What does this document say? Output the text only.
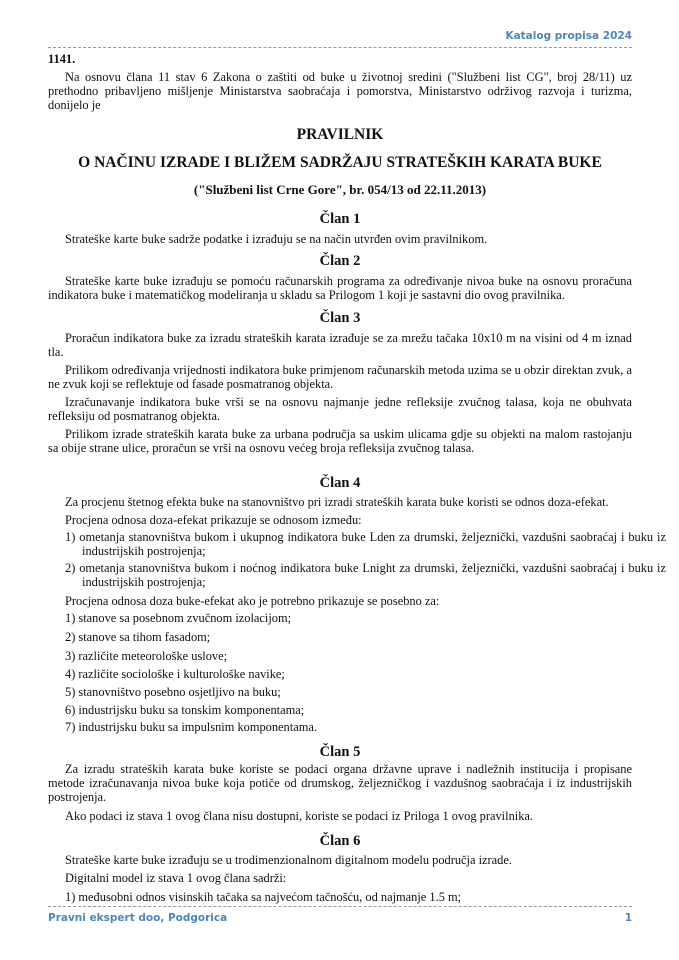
Katalog propisa 2024
1141.
Na osnovu člana 11 stav 6 Zakona o zaštiti od buke u životnoj sredini ("Službeni list CG", broj 28/11) uz prethodno pribavljeno mišljenje Ministarstva saobraćaja i pomorstva, Ministarstvo održivog razvoja i turizma, donijelo je
PRAVILNIK
O NAČINU IZRADE I BLIŽEM SADRŽAJU STRATEŠKIH KARATA BUKE
("Službeni list Crne Gore", br. 054/13 od 22.11.2013)
Član 1
Strateške karte buke sadrže podatke i izrađuju se na način utvrđen ovim pravilnikom.
Član 2
Strateške karte buke izrađuju se pomoću računarskih programa za određivanje nivoa buke na osnovu proračuna indikatora buke i matematičkog modeliranja u skladu sa Prilogom 1 koji je sastavni dio ovog pravilnika.
Član 3
Proračun indikatora buke za izradu strateških karata izrađuje se za mrežu tačaka 10x10 m na visini od 4 m iznad tla.
Prilikom određivanja vrijednosti indikatora buke primjenom računarskih metoda uzima se u obzir direktan zvuk, a ne zvuk koji se reflektuje od fasade posmatranog objekta.
Izračunavanje indikatora buke vrši se na osnovu najmanje jedne refleksije zvučnog talasa, koja ne obuhvata refleksiju od posmatranog objekta.
Prilikom izrade strateških karata buke za urbana područja sa uskim ulicama gdje su objekti na malom rastojanju sa obije strane ulice, proračun se vrši na osnovu većeg broja refleksija zvučnog talasa.
Član 4
Za procjenu štetnog efekta buke na stanovništvo pri izradi strateških karata buke koristi se odnos doza-efekat.
Procjena odnosa doza-efekat prikazuje se odnosom između:
1) ometanja stanovništva bukom i ukupnog indikatora buke Lden za drumski, željeznički, vazdušni saobraćaj i buku iz industrijskih postrojenja;
2) ometanja stanovništva bukom i noćnog indikatora buke Lnight za drumski, željeznički, vazdušni saobraćaj i buku iz industrijskih postrojenja;
Procjena odnosa doza buke-efekat ako je potrebno prikazuje se posebno za:
1) stanove sa posebnom zvučnom izolacijom;
2) stanove sa tihom fasadom;
3) različite meteorološke uslove;
4) različite sociološke i kulturološke navike;
5) stanovništvo posebno osjetljivo na buku;
6) industrijsku buku sa tonskim komponentama;
7) industrijsku buku sa impulsnim komponentama.
Član 5
Za izradu strateških karata buke koriste se podaci organa državne uprave i nadležnih institucija i propisane metode izračunavanja nivoa buke koja potiče od drumskog, željezničkog i vazdušnog saobraćaja i iz industrijskih postrojenja.
Ako podaci iz stava 1 ovog člana nisu dostupni, koriste se podaci iz Priloga 1 ovog pravilnika.
Član 6
Strateške karte buke izrađuju se u trodimenzionalnom digitalnom modelu područja izrade.
Digitalni model iz stava 1 ovog člana sadrži:
1) međusobni odnos visinskih tačaka sa najvećom tačnošću, od najmanje 1.5 m;
Pravni ekspert doo, Podgorica	1
